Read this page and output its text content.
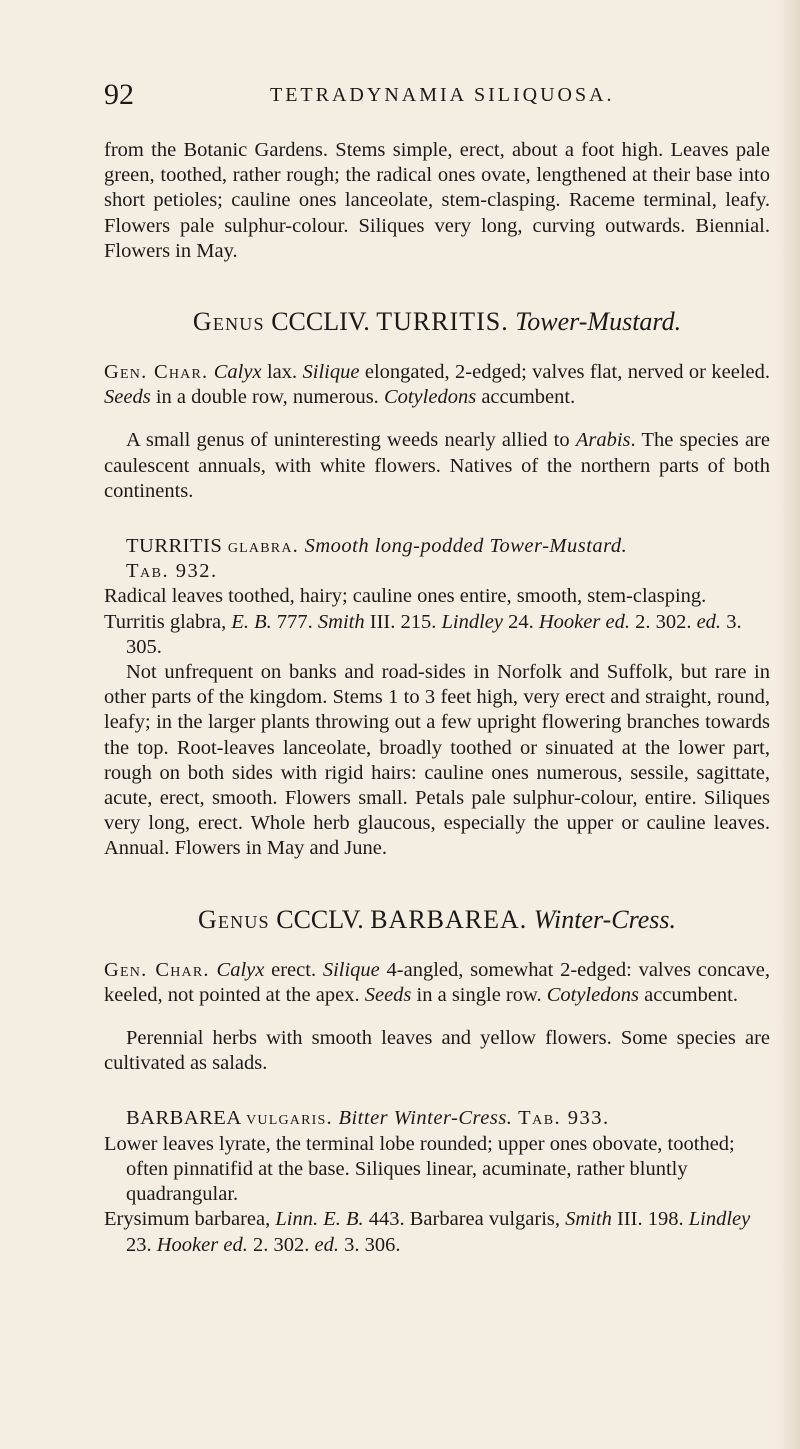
92	TETRADYNAMIA SILIQUOSA.

from the Botanic Gardens. Stems simple, erect, about a foot high. Leaves pale green, toothed, rather rough; the radical ones ovate, lengthened at their base into short petioles; cauline ones lanceolate, stem-clasping. Raceme terminal, leafy. Flowers pale sulphur-colour. Siliques very long, curving outwards. Biennial. Flowers in May.

Genus CCCLIV. TURRITIS. Tower-Mustard.

Gen. Char. Calyx lax. Silique elongated, 2-edged; valves flat, nerved or keeled. Seeds in a double row, numerous. Cotyledons accumbent.

A small genus of uninteresting weeds nearly allied to Arabis. The species are caulescent annuals, with white flowers. Natives of the northern parts of both continents.

TURRITIS glabra. Smooth long-podded Tower-Mustard.
Tab. 932.

Radical leaves toothed, hairy; cauline ones entire, smooth, stem-clasping.

Turritis glabra, E. B. 777. Smith III. 215. Lindley 24. Hooker ed. 2. 302. ed. 3. 305.

Not unfrequent on banks and road-sides in Norfolk and Suffolk, but rare in other parts of the kingdom. Stems 1 to 3 feet high, very erect and straight, round, leafy; in the larger plants throwing out a few upright flowering branches towards the top. Root-leaves lanceolate, broadly toothed or sinuated at the lower part, rough on both sides with rigid hairs: cauline ones numerous, sessile, sagittate, acute, erect, smooth. Flowers small. Petals pale sulphur-colour, entire. Siliques very long, erect. Whole herb glaucous, especially the upper or cauline leaves. Annual. Flowers in May and June.

Genus CCCLV. BARBAREA. Winter-Cress.

Gen. Char. Calyx erect. Silique 4-angled, somewhat 2-edged: valves concave, keeled, not pointed at the apex. Seeds in a single row. Cotyledons accumbent.

Perennial herbs with smooth leaves and yellow flowers. Some species are cultivated as salads.

BARBAREA vulgaris. Bitter Winter-Cress. Tab. 933.

Lower leaves lyrate, the terminal lobe rounded; upper ones obovate, toothed; often pinnatifid at the base. Siliques linear, acuminate, rather bluntly quadrangular.

Erysimum barbarea, Linn. E. B. 443. Barbarea vulgaris, Smith III. 198. Lindley 23. Hooker ed. 2. 302. ed. 3. 306.
